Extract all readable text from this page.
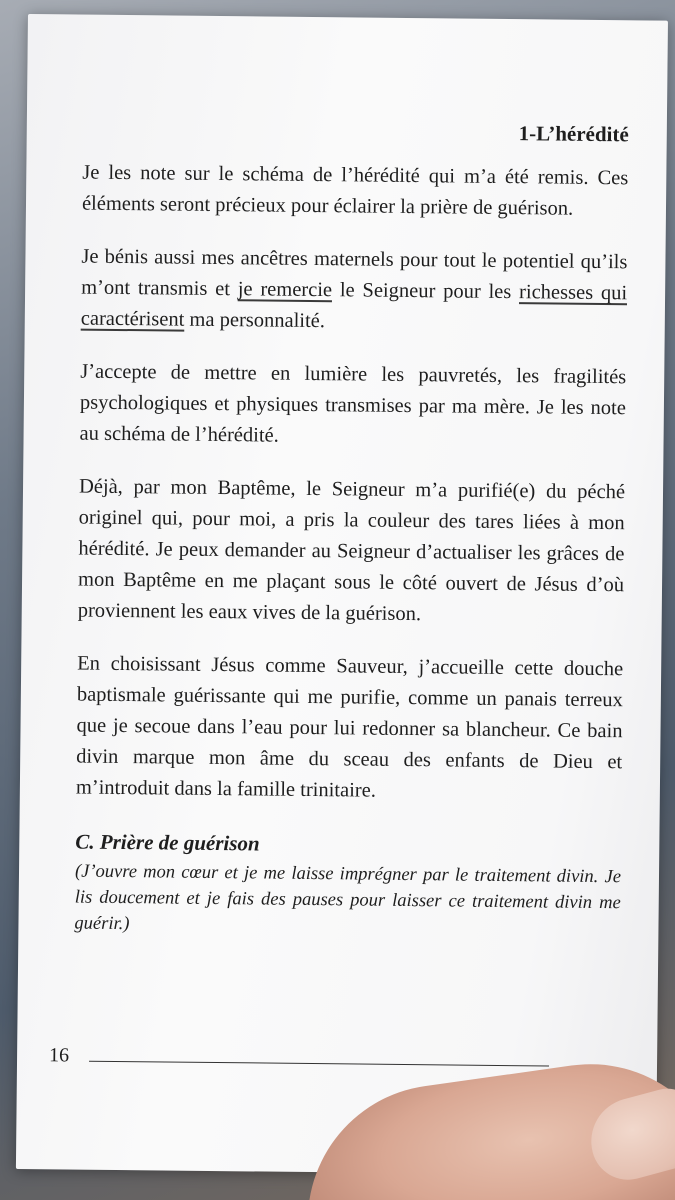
1-L’hérédité

Je les note sur le schéma de l’hérédité qui m’a été remis. Ces éléments seront précieux pour éclairer la prière de guérison.

Je bénis aussi mes ancêtres maternels pour tout le potentiel qu’ils m’ont transmis et je remercie le Seigneur pour les richesses qui caractérisent ma personnalité.

J’accepte de mettre en lumière les pauvretés, les fragilités psychologiques et physiques transmises par ma mère. Je les note au schéma de l’hérédité.

Déjà, par mon Baptême, le Seigneur m’a purifié(e) du péché originel qui, pour moi, a pris la couleur des tares liées à mon hérédité. Je peux demander au Seigneur d’actualiser les grâces de mon Baptême en me plaçant sous le côté ouvert de Jésus d’où proviennent les eaux vives de la guérison.

En choisissant Jésus comme Sauveur, j’accueille cette douche baptismale guérissante qui me purifie, comme un panais terreux que je secoue dans l’eau pour lui redonner sa blancheur. Ce bain divin marque mon âme du sceau des enfants de Dieu et m’introduit dans la famille trinitaire.

C. Prière de guérison

(J’ouvre mon cœur et je me laisse imprégner par le traitement divin. Je lis doucement et je fais des pauses pour laisser ce traitement divin me guérir.)

16
